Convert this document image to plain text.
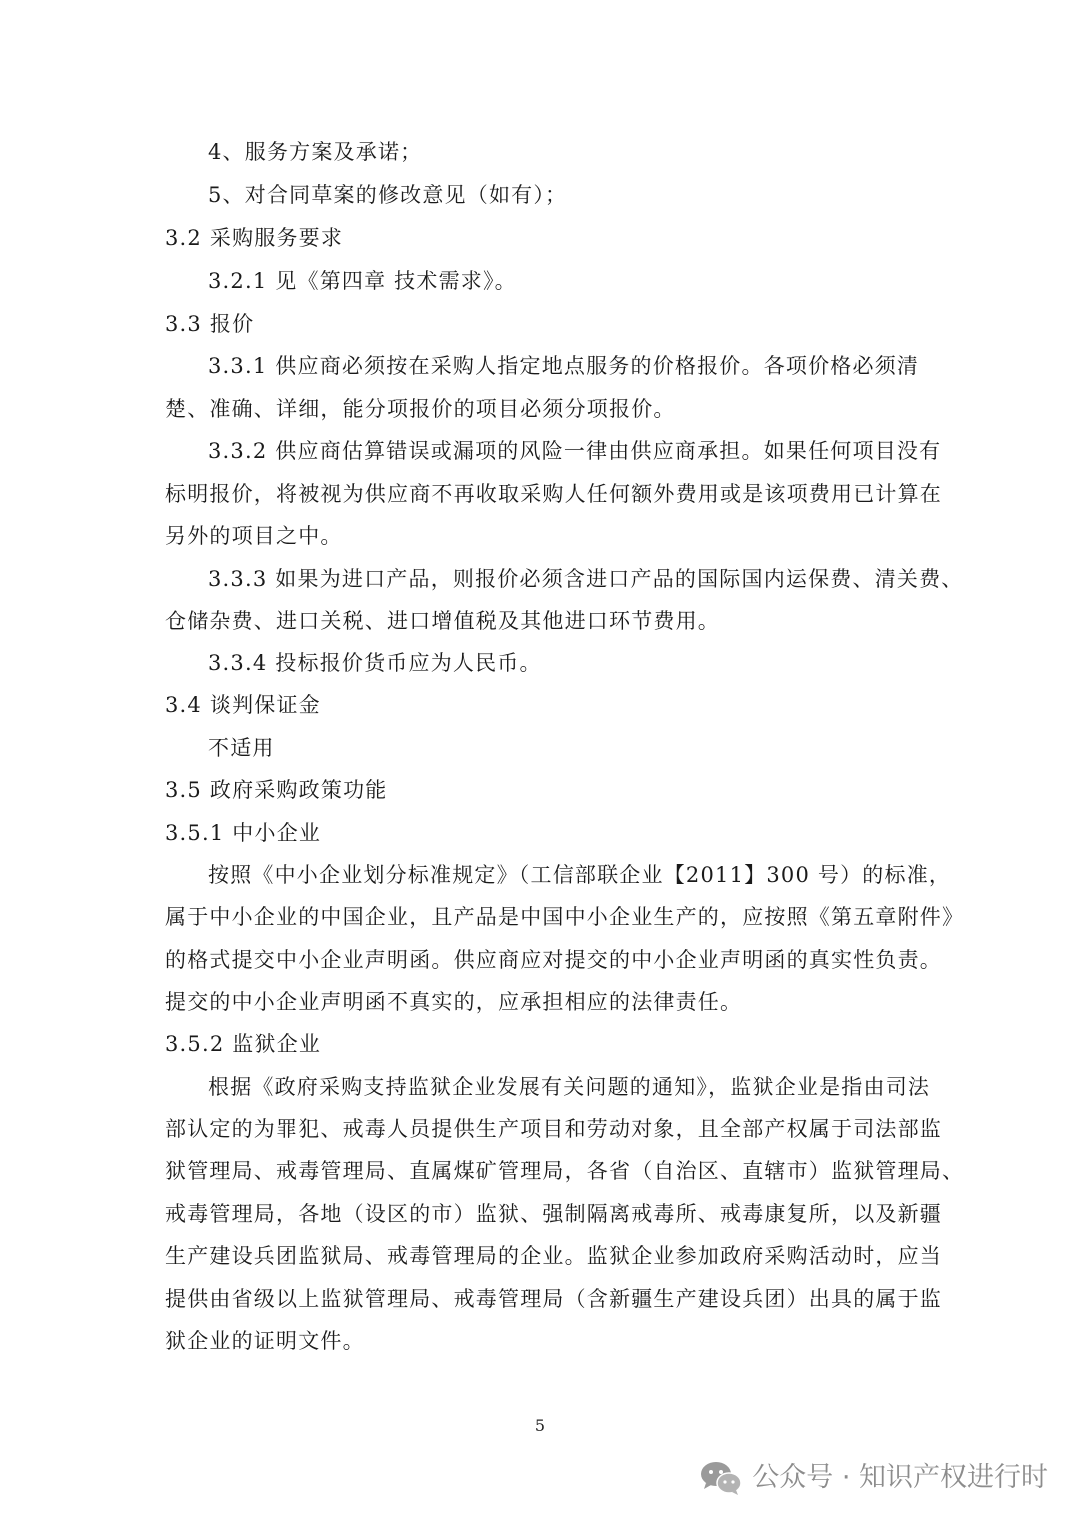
4、服务方案及承诺；
5、对合同草案的修改意见（如有）；
3.2 采购服务要求
3.2.1 见《第四章 技术需求》。
3.3 报价
3.3.1 供应商必须按在采购人指定地点服务的价格报价。各项价格必须清
楚、准确、详细，能分项报价的项目必须分项报价。
3.3.2 供应商估算错误或漏项的风险一律由供应商承担。如果任何项目没有
标明报价，将被视为供应商不再收取采购人任何额外费用或是该项费用已计算在
另外的项目之中。
3.3.3 如果为进口产品，则报价必须含进口产品的国际国内运保费、清关费、
仓储杂费、进口关税、进口增值税及其他进口环节费用。
3.3.4 投标报价货币应为人民币。
3.4 谈判保证金
不适用
3.5 政府采购政策功能
3.5.1 中小企业
按照《中小企业划分标准规定》（工信部联企业【2011】300 号）的标准，
属于中小企业的中国企业，且产品是中国中小企业生产的，应按照《第五章附件》
的格式提交中小企业声明函。供应商应对提交的中小企业声明函的真实性负责。
提交的中小企业声明函不真实的，应承担相应的法律责任。
3.5.2 监狱企业
根据《政府采购支持监狱企业发展有关问题的通知》，监狱企业是指由司法
部认定的为罪犯、戒毒人员提供生产项目和劳动对象，且全部产权属于司法部监
狱管理局、戒毒管理局、直属煤矿管理局，各省（自治区、直辖市）监狱管理局、
戒毒管理局，各地（设区的市）监狱、强制隔离戒毒所、戒毒康复所，以及新疆
生产建设兵团监狱局、戒毒管理局的企业。监狱企业参加政府采购活动时，应当
提供由省级以上监狱管理局、戒毒管理局（含新疆生产建设兵团）出具的属于监
狱企业的证明文件。
5
公众号 · 知识产权进行时
